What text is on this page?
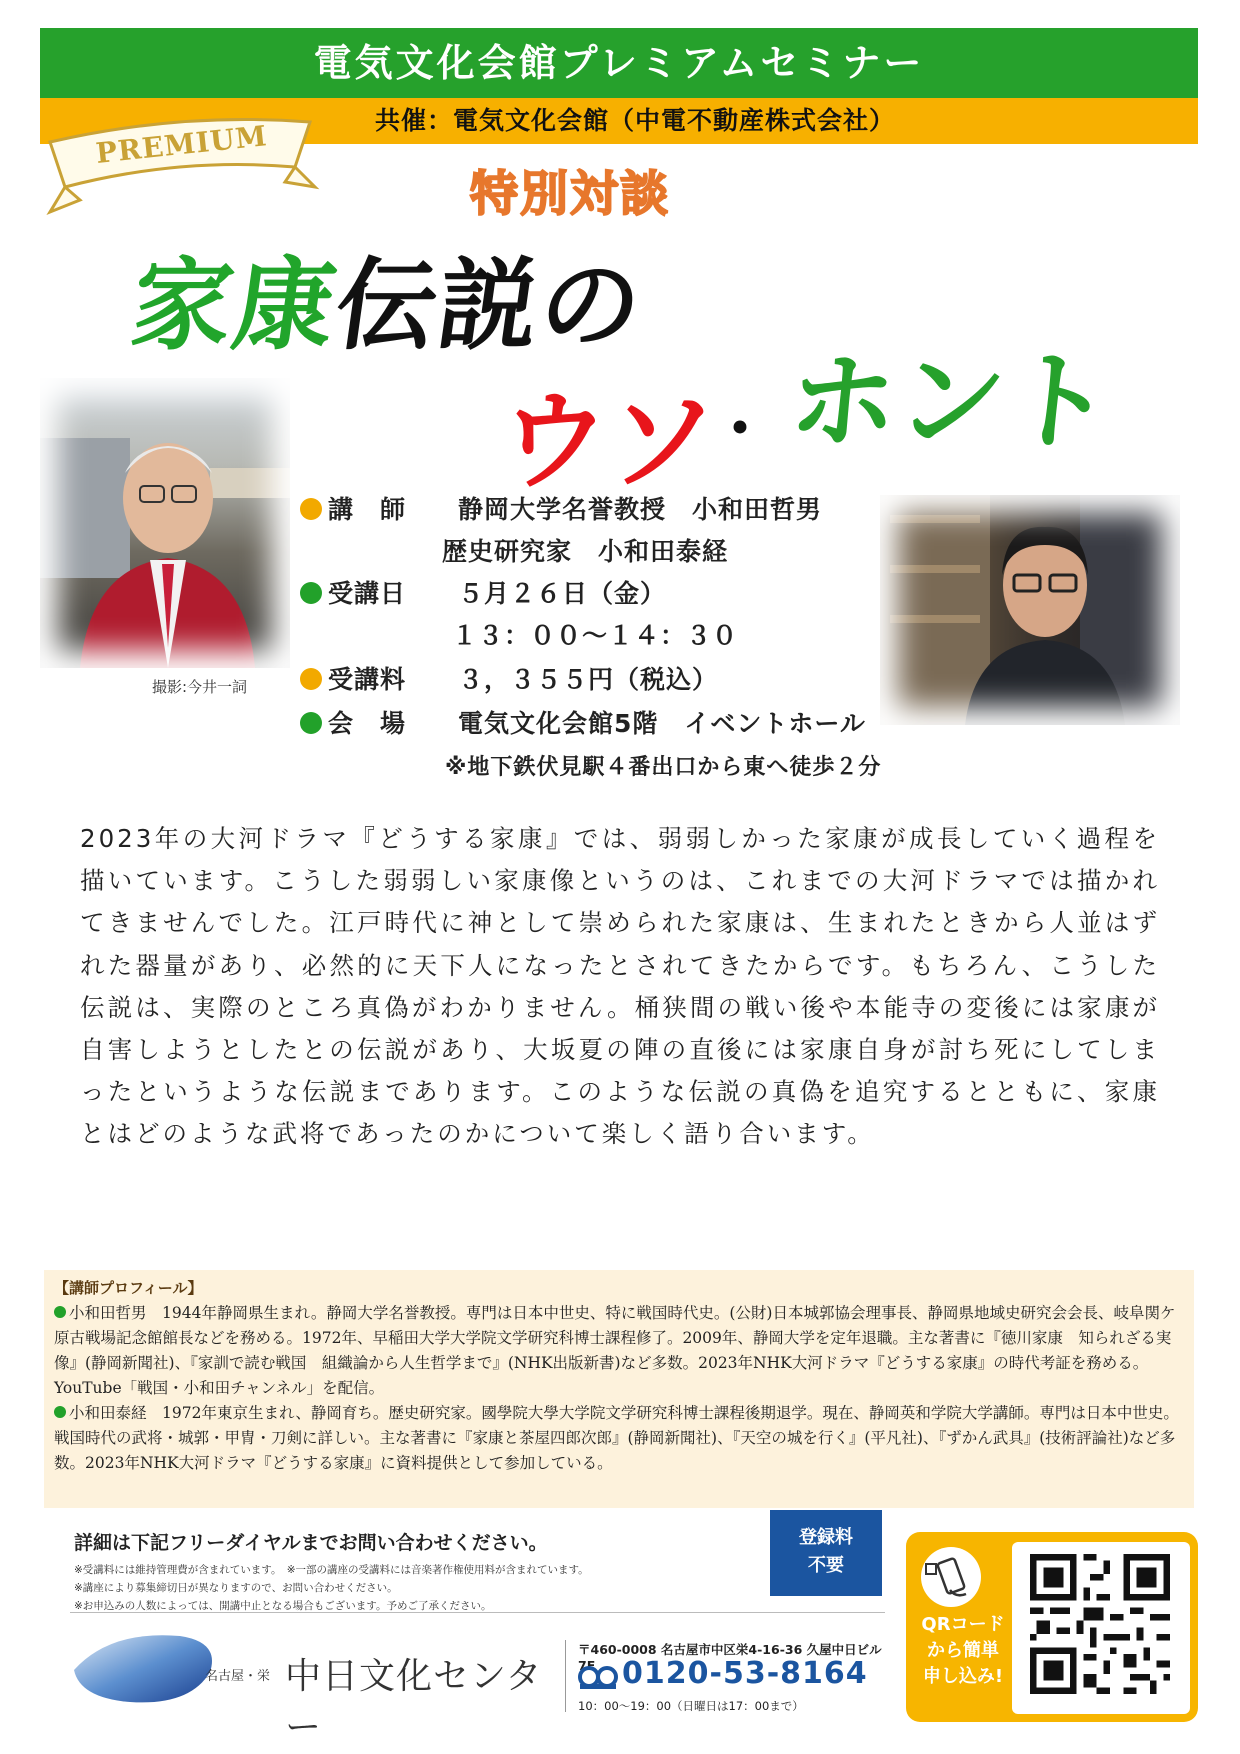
電気文化会館プレミアムセミナー
共催：電気文化会館（中電不動産株式会社）
PREMIUM
特別対談
家康伝説の
ウソ
・ ホント
撮影:今井一詞
講　師 静岡大学名誉教授　小和田哲男
歴史研究家　小和田泰経
受講日 ５月２６日（金）
１３：００～１４：３０
受講料 ３，３５５円（税込）
会　場 電気文化会館5階　イベントホール
※地下鉄伏見駅４番出口から東へ徒歩２分
2023年の大河ドラマ『どうする家康』では、弱弱しかった家康が成長していく過程を描いています。こうした弱弱しい家康像というのは、これまでの大河ドラマでは描かれてきませんでした。江戸時代に神として崇められた家康は、生まれたときから人並はずれた器量があり、必然的に天下人になったとされてきたからです。もちろん、こうした伝説は、実際のところ真偽がわかりません。桶狭間の戦い後や本能寺の変後には家康が自害しようとしたとの伝説があり、大坂夏の陣の直後には家康自身が討ち死にしてしまったというような伝説まであります。このような伝説の真偽を追究するとともに、家康とはどのような武将であったのかについて楽しく語り合います。
【講師プロフィール】
小和田哲男　1944年静岡県生まれ。静岡大学名誉教授。専門は日本中世史、特に戦国時代史。(公財)日本城郭協会理事長、静岡県地域史研究会会長、岐阜関ケ原古戦場記念館館長などを務める。1972年、早稲田大学大学院文学研究科博士課程修了。2009年、静岡大学を定年退職。主な著書に『徳川家康　知られざる実像』(静岡新聞社)、『家訓で読む戦国　組織論から人生哲学まで』(NHK出版新書)など多数。2023年NHK大河ドラマ『どうする家康』の時代考証を務める。YouTube「戦国・小和田チャンネル」を配信。
小和田泰経　1972年東京生まれ、静岡育ち。歴史研究家。國學院大學大学院文学研究科博士課程後期退学。現在、静岡英和学院大学講師。専門は日本中世史。戦国時代の武将・城郭・甲冑・刀剣に詳しい。主な著書に『家康と茶屋四郎次郎』(静岡新聞社)、『天空の城を行く』(平凡社)、『ずかん武具』(技術評論社)など多数。2023年NHK大河ドラマ『どうする家康』に資料提供として参加している。
詳細は下記フリーダイヤルまでお問い合わせください。
※受講料には維持管理費が含まれています。　※一部の講座の受講料には音楽著作権使用料が含まれています。
※講座により募集締切日が異なりますので、お問い合わせください。
※お申込みの人数によっては、開講中止となる場合もございます。予めご了承ください。
登録料
不要
名古屋・栄 中日文化センター
〒460-0008 名古屋市中区栄4-16-36 久屋中日ビル7F 0120-53-8164
10：00～19：00（日曜日は17：00まで）
QRコード
から簡単
申し込み!
